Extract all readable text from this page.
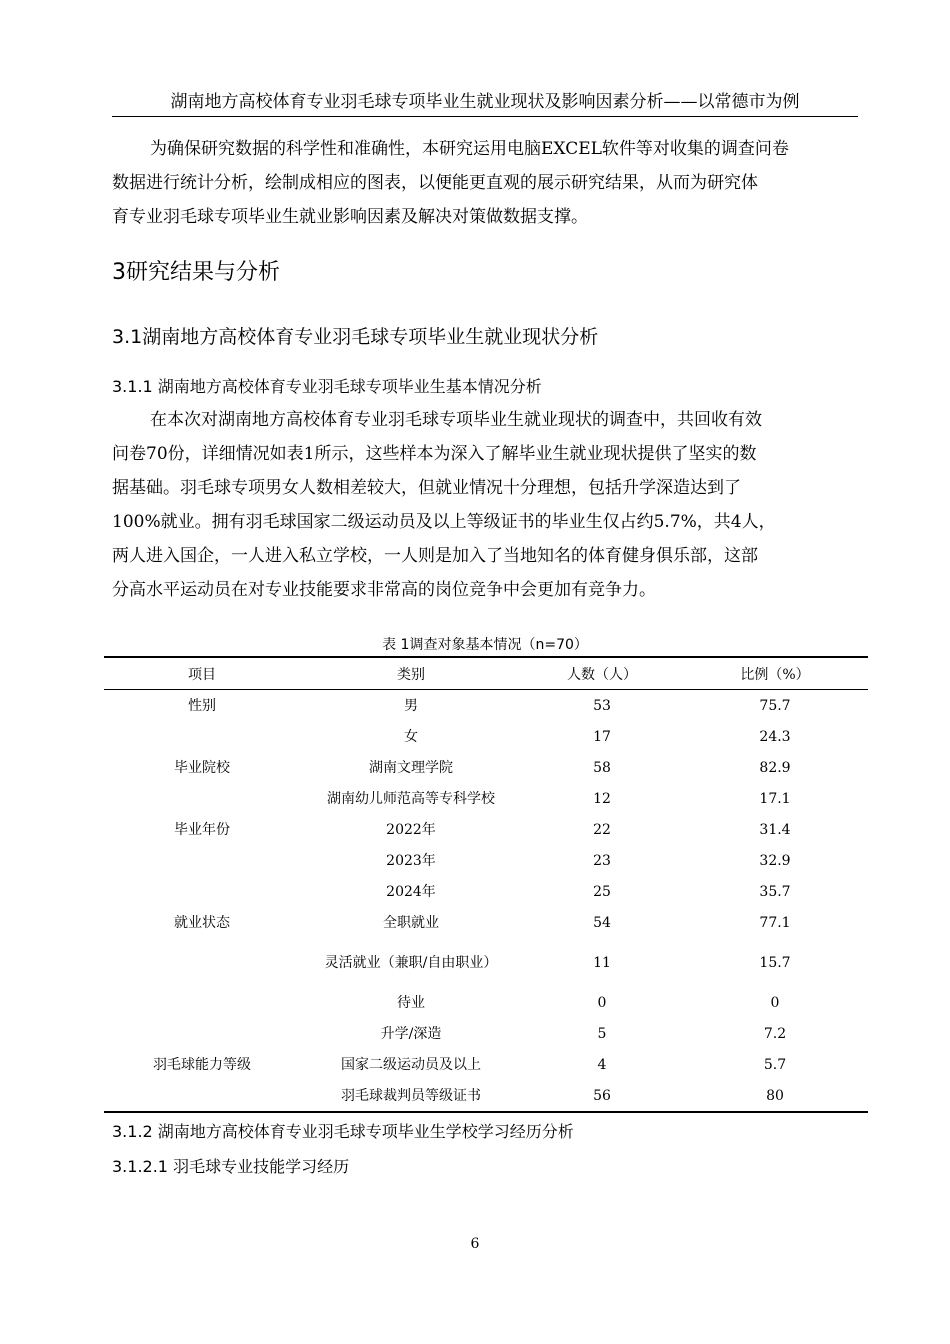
湖南地方高校体育专业羽毛球专项毕业生就业现状及影响因素分析——以常德市为例

为确保研究数据的科学性和准确性，本研究运用电脑EXCEL软件等对收集的调查问卷
数据进行统计分析，绘制成相应的图表，以便能更直观的展示研究结果，从而为研究体
育专业羽毛球专项毕业生就业影响因素及解决对策做数据支撑。

3研究结果与分析
3.1湖南地方高校体育专业羽毛球专项毕业生就业现状分析
3.1.1 湖南地方高校体育专业羽毛球专项毕业生基本情况分析

在本次对湖南地方高校体育专业羽毛球专项毕业生就业现状的调查中，共回收有效
问卷70份，详细情况如表1所示，这些样本为深入了解毕业生就业现状提供了坚实的数
据基础。羽毛球专项男女人数相差较大，但就业情况十分理想，包括升学深造达到了
100%就业。拥有羽毛球国家二级运动员及以上等级证书的毕业生仅占约5.7%，共4人，
两人进入国企，一人进入私立学校，一人则是加入了当地知名的体育健身俱乐部，这部
分高水平运动员在对专业技能要求非常高的岗位竞争中会更加有竞争力。

表 1调查对象基本情况（n=70）
项目	类别	人数（人）	比例（%）
性别	男	53	75.7
	女	17	24.3
毕业院校	湖南文理学院	58	82.9
	湖南幼儿师范高等专科学校	12	17.1
毕业年份	2022年	22	31.4
	2023年	23	32.9
	2024年	25	35.7
就业状态	全职就业	54	77.1
	灵活就业（兼职/自由职业）	11	15.7
	待业	0	0
	升学/深造	5	7.2
羽毛球能力等级	国家二级运动员及以上	4	5.7
	羽毛球裁判员等级证书	56	80
3.1.2 湖南地方高校体育专业羽毛球专项毕业生学校学习经历分析
3.1.2.1 羽毛球专业技能学习经历
6
